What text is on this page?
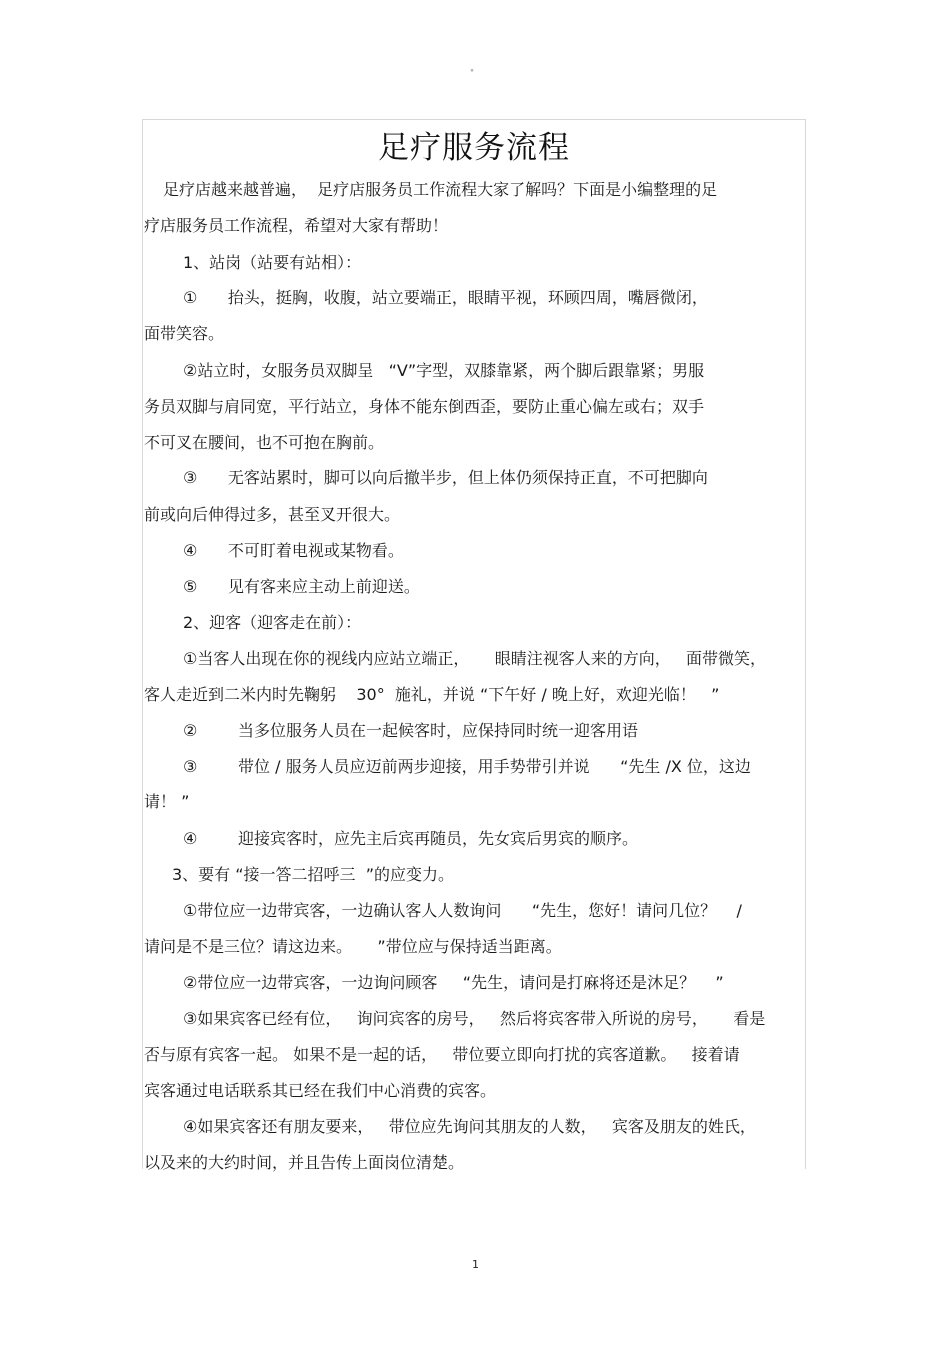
°
足疗服务流程
足疗店越来越普遍，  足疗店服务员工作流程大家了解吗？下面是小编整理的足
疗店服务员工作流程，希望对大家有帮助！
1、站岗（站要有站相）：
①      抬头，挺胸，收腹，站立要端正，眼睛平视，环顾四周，嘴唇微闭，
面带笑容。
②站立时，女服务员双脚呈   “V”字型，双膝靠紧，两个脚后跟靠紧；男服
务员双脚与肩同宽，平行站立，身体不能东倒西歪，要防止重心偏左或右；双手
不可叉在腰间，也不可抱在胸前。
③      无客站累时，脚可以向后撤半步，但上体仍须保持正直，不可把脚向
前或向后伸得过多，甚至叉开很大。
④      不可盯着电视或某物看。
⑤      见有客来应主动上前迎送。
2、迎客（迎客走在前）：
①当客人出现在你的视线内应站立端正，     眼睛注视客人来的方向，   面带微笑，
客人走近到二米内时先鞠躬    30°  施礼，并说 “下午好 / 晚上好，欢迎光临！   ”
②        当多位服务人员在一起候客时，应保持同时统一迎客用语
③        带位 / 服务人员应迈前两步迎接，用手势带引并说      “先生 /X 位，这边
请！ ”
④        迎接宾客时，应先主后宾再随员，先女宾后男宾的顺序。
3、要有 “接一答二招呼三  ”的应变力。
①带位应一边带宾客，一边确认客人人数询问      “先生，您好！请问几位？    /
请问是不是三位？请这边来。     ”带位应与保持适当距离。
②带位应一边带宾客，一边询问顾客     “先生，请问是打麻将还是沐足？    ”
③如果宾客已经有位，   询问宾客的房号，   然后将宾客带入所说的房号，     看是
否与原有宾客一起。 如果不是一起的话，   带位要立即向打扰的宾客道歉。   接着请
宾客通过电话联系其已经在我们中心消费的宾客。
④如果宾客还有朋友要来，   带位应先询问其朋友的人数，   宾客及朋友的姓氏，
以及来的大约时间，并且告传上面岗位清楚。
1
